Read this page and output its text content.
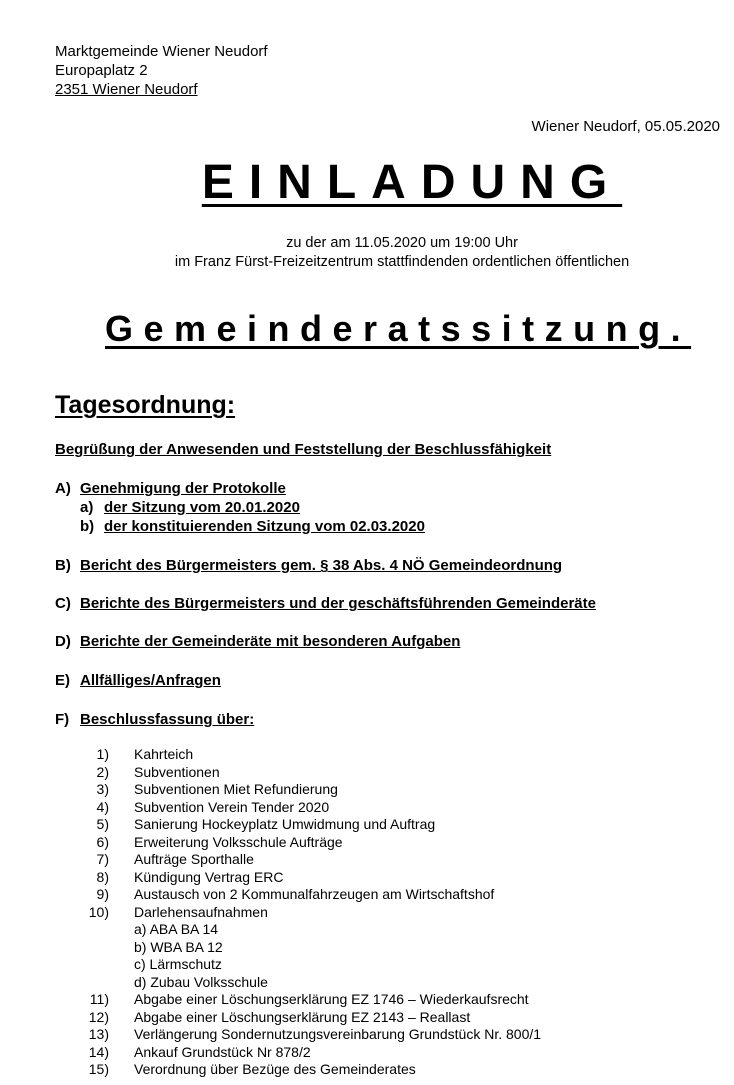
Marktgemeinde Wiener Neudorf
Europaplatz 2
2351 Wiener Neudorf
Wiener Neudorf, 05.05.2020
EINLADUNG
zu der am 11.05.2020 um 19:00 Uhr
im Franz Fürst-Freizeitzentrum stattfindenden ordentlichen öffentlichen
Gemeinderatssitzung.
Tagesordnung:
Begrüßung der Anwesenden und Feststellung der Beschlussfähigkeit
A) Genehmigung der Protokolle
a) der Sitzung vom 20.01.2020
b) der konstituierenden Sitzung vom 02.03.2020
B) Bericht des Bürgermeisters gem. § 38 Abs. 4 NÖ Gemeindeordnung
C) Berichte des Bürgermeisters und der geschäftsführenden Gemeinderäte
D) Berichte der Gemeinderäte mit besonderen Aufgaben
E) Allfälliges/Anfragen
F) Beschlussfassung über:
1) Kahrteich
2) Subventionen
3) Subventionen Miet Refundierung
4) Subvention Verein Tender 2020
5) Sanierung Hockeyplatz Umwidmung und Auftrag
6) Erweiterung Volksschule Aufträge
7) Aufträge Sporthalle
8) Kündigung Vertrag ERC
9) Austausch von 2 Kommunalfahrzeugen am Wirtschaftshof
10) Darlehensaufnahmen
a) ABA BA 14
b) WBA BA 12
c) Lärmschutz
d) Zubau Volksschule
11) Abgabe einer Löschungserklärung EZ 1746 – Wiederkaufsrecht
12) Abgabe einer Löschungserklärung EZ 2143 – Reallast
13) Verlängerung Sondernutzungsvereinbarung Grundstück Nr. 800/1
14) Ankauf Grundstück Nr 878/2
15) Verordnung über Bezüge des Gemeinderates
